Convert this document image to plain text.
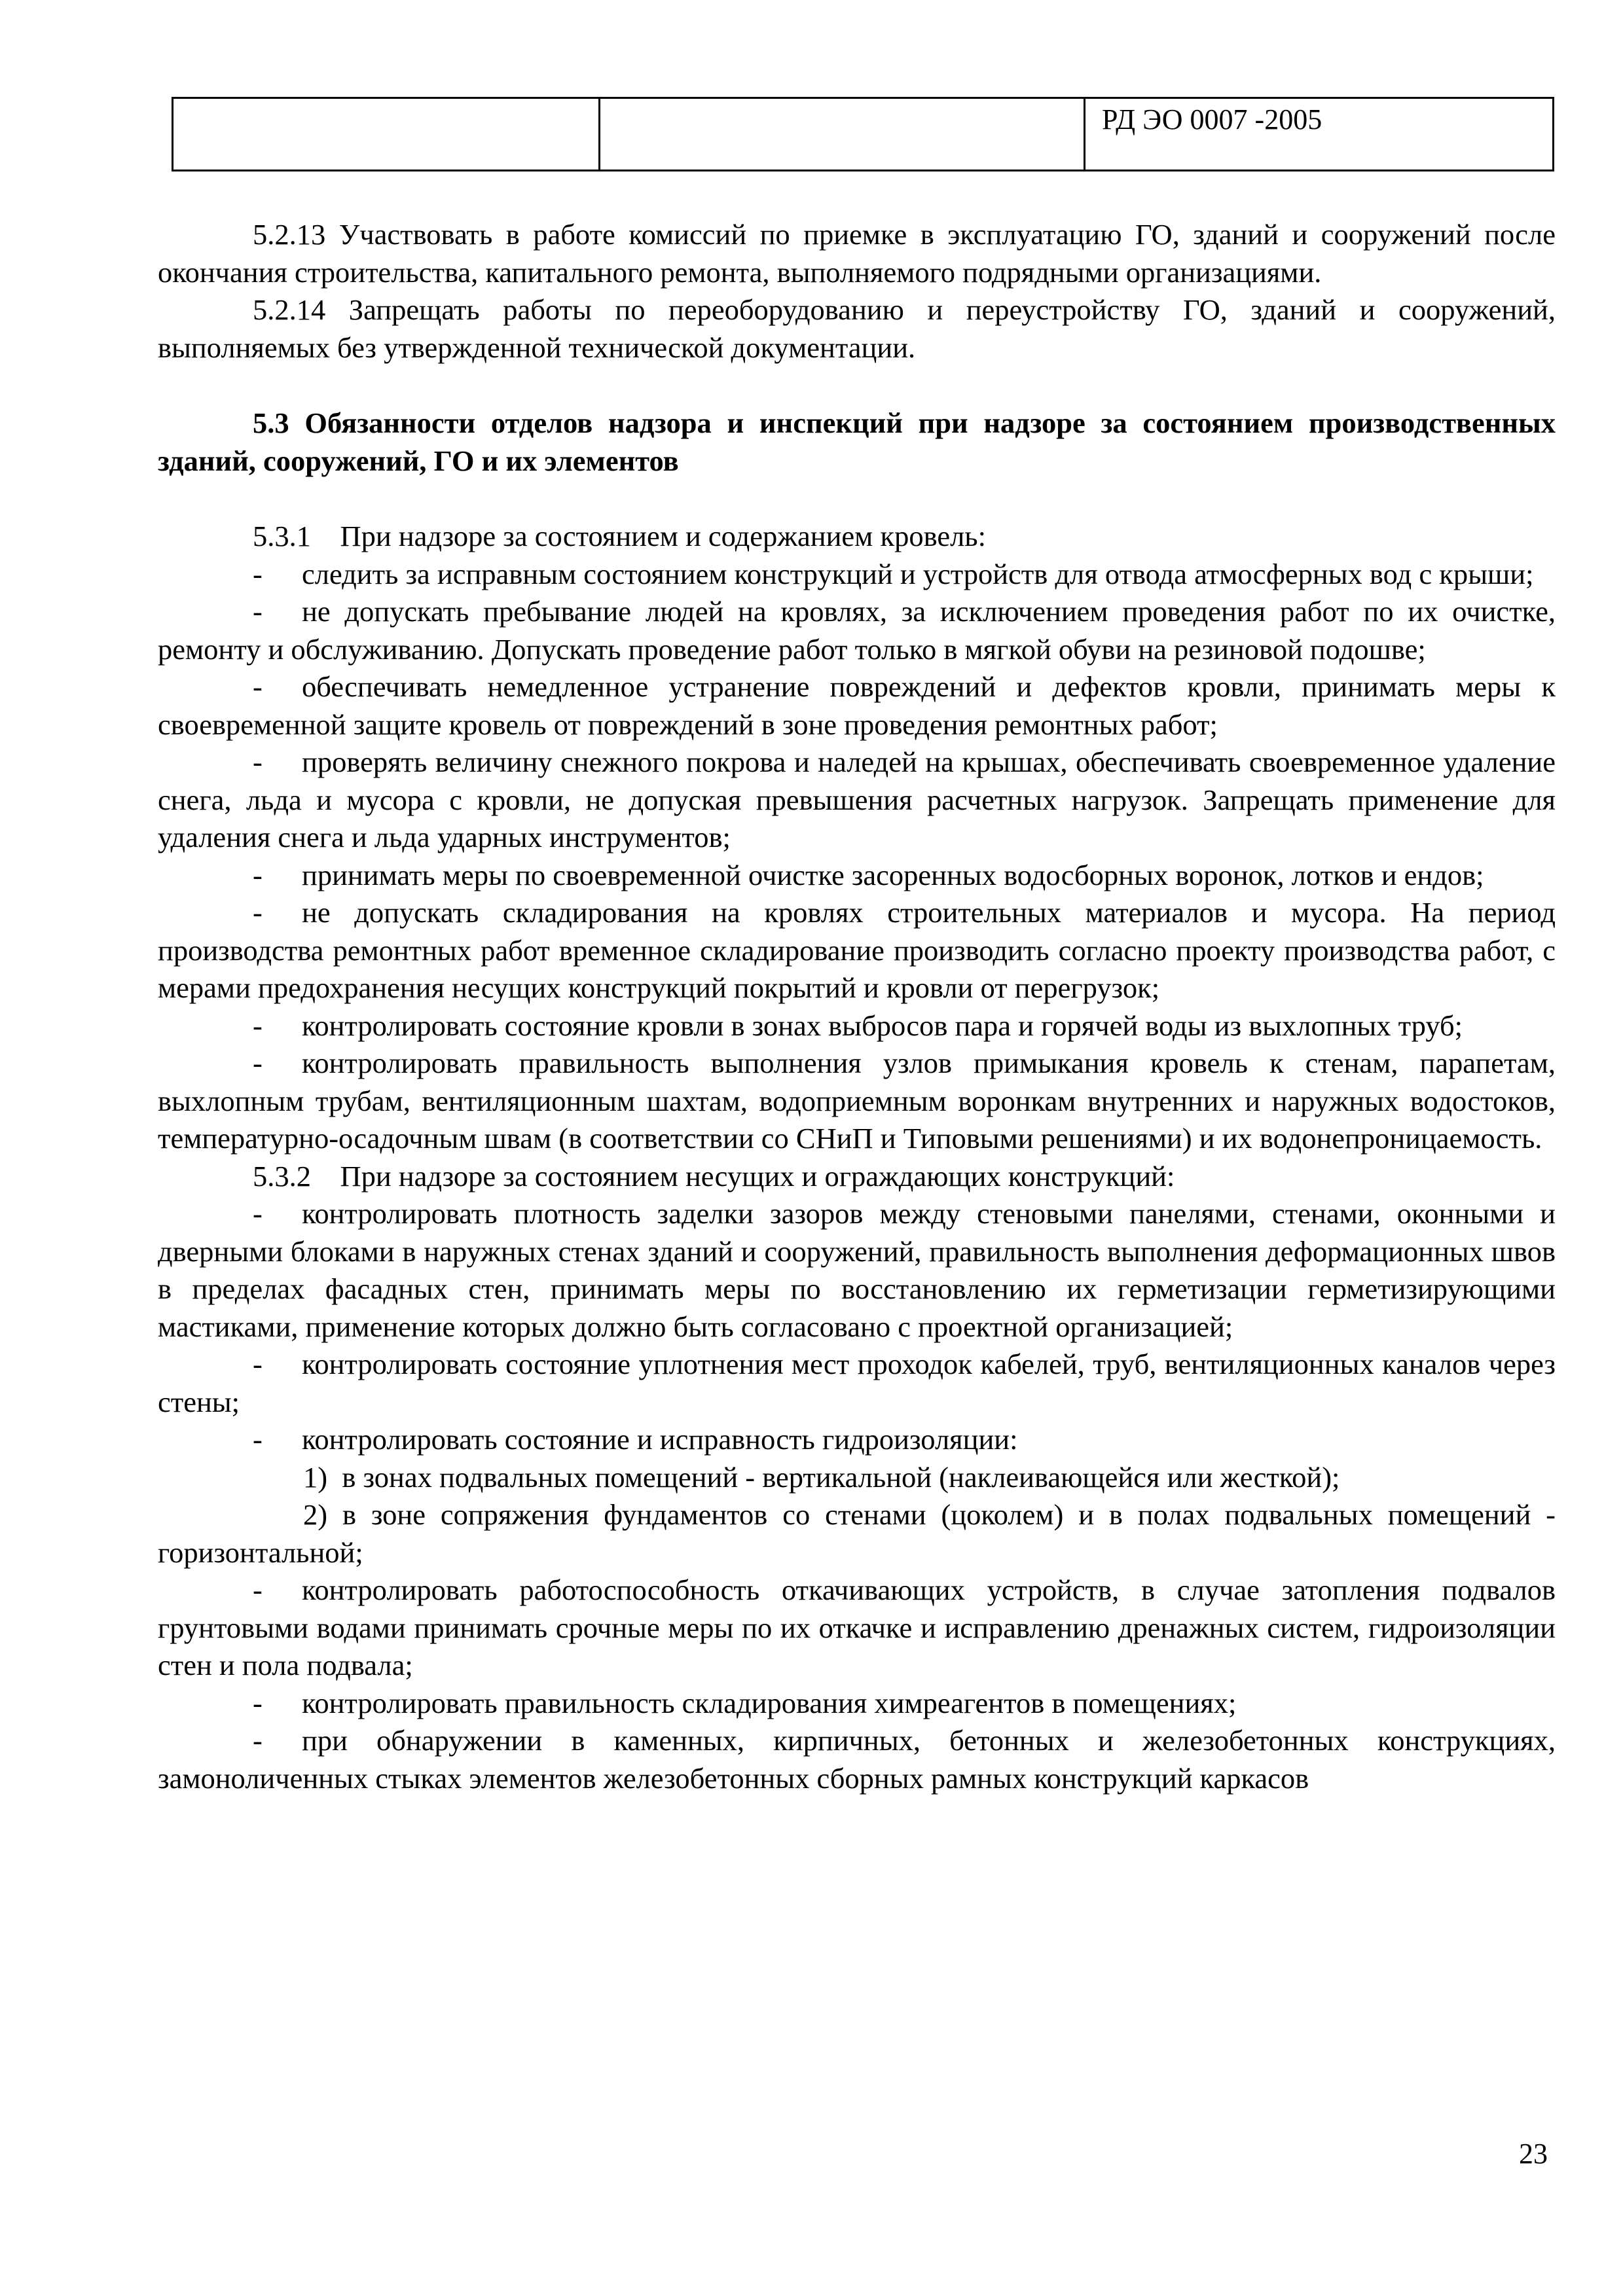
РД ЭО 0007 -2005

5.2.13 Участвовать в работе комиссий по приемке в эксплуатацию ГО, зданий и сооружений после окончания строительства, капитального ремонта, выполняемого подрядными организациями.

5.2.14 Запрещать работы по переоборудованию и переустройству ГО, зданий и сооружений, выполняемых без утвержденной технической документации.

5.3 Обязанности отделов надзора и инспекций при надзоре за состоянием производственных зданий, сооружений, ГО и их элементов

5.3.1    При надзоре за состоянием и содержанием кровель:

- следить за исправным состоянием конструкций и устройств для отвода атмосферных вод с крыши;

- не допускать пребывание людей на кровлях, за исключением проведения работ по их очистке, ремонту и обслуживанию. Допускать проведение работ только в мягкой обуви на резиновой подошве;

- обеспечивать немедленное устранение повреждений и дефектов кровли, принимать меры к своевременной защите кровель от повреждений в зоне проведения ремонтных работ;

- проверять величину снежного покрова и наледей на крышах, обеспечивать своевременное удаление снега, льда и мусора с кровли, не допуская превышения расчетных нагрузок. Запрещать применение для удаления снега и льда ударных инструментов;

- принимать меры по своевременной очистке засоренных водосборных воронок, лотков и ендов;

- не допускать складирования на кровлях строительных материалов и мусора. На период производства ремонтных работ временное складирование производить согласно проекту производства работ, с мерами предохранения несущих конструкций покрытий и кровли от перегрузок;

- контролировать состояние кровли в зонах выбросов пара и горячей воды из выхлопных труб;

- контролировать правильность выполнения узлов примыкания кровель к стенам, парапетам, выхлопным трубам, вентиляционным шахтам, водоприемным воронкам внутренних и наружных водостоков, температурно-осадочным швам (в соответствии со СНиП и Типовыми решениями) и их водонепроницаемость.

5.3.2    При надзоре за состоянием несущих и ограждающих конструкций:

- контролировать плотность заделки зазоров между стеновыми панелями, стенами, оконными и дверными блоками в наружных стенах зданий и сооружений, правильность выполнения деформационных швов в пределах фасадных стен, принимать меры по восстановлению их герметизации герметизирующими мастиками, применение которых должно быть согласовано с проектной организацией;

- контролировать состояние уплотнения мест проходок кабелей, труб, вентиляционных каналов через стены;

- контролировать состояние и исправность гидроизоляции:

1)  в зонах подвальных помещений - вертикальной (наклеивающейся или жесткой);

2) в зоне сопряжения фундаментов со стенами (цоколем) и в полах подвальных помещений - горизонтальной;

- контролировать работоспособность откачивающих устройств, в случае затопления подвалов грунтовыми водами принимать срочные меры по их откачке и исправлению дренажных систем, гидроизоляции стен и пола подвала;

- контролировать правильность складирования химреагентов в помещениях;

- при обнаружении в каменных, кирпичных, бетонных и железобетонных конструкциях, замоноличенных стыках элементов железобетонных сборных рамных конструкций каркасов

23
